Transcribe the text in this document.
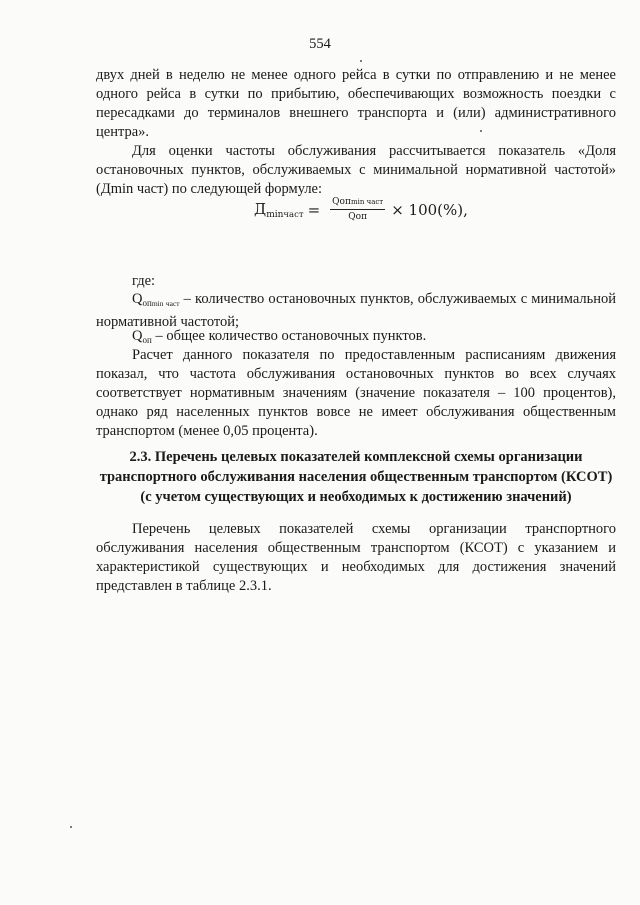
554

двух дней в неделю не менее одного рейса в сутки по отправлению и не менее одного рейса в сутки по прибытию, обеспечивающих возможность поездки с пересадками до терминалов внешнего транспорта и (или) административного центра».

Для оценки частоты обслуживания рассчитывается показатель «Доля остановочных пунктов, обслуживаемых с минимальной нормативной частотой» (Дmin част) по следующей формуле:

$Д_{minчаст} = \frac{\text{Qопmin част}}{\text{Qоп}} \times 100(\%)$,

где:

$Q_{опmin част}$ – количество остановочных пунктов, обслуживаемых с минимальной нормативной частотой;

$Q_{оп}$ – общее количество остановочных пунктов.

Расчет данного показателя по предоставленным расписаниям движения показал, что частота обслуживания остановочных пунктов во всех случаях соответствует нормативным значениям (значение показателя – 100 процентов), однако ряд населенных пунктов вовсе не имеет обслуживания общественным транспортом (менее 0,05 процента).

2.3. Перечень целевых показателей комплексной схемы организации транспортного обслуживания населения общественным транспортом (КСОТ) (с учетом существующих и необходимых к достижению значений)

Перечень целевых показателей схемы организации транспортного обслуживания населения общественным транспортом (КСОТ) с указанием и характеристикой существующих и необходимых для достижения значений представлен в таблице 2.3.1.
